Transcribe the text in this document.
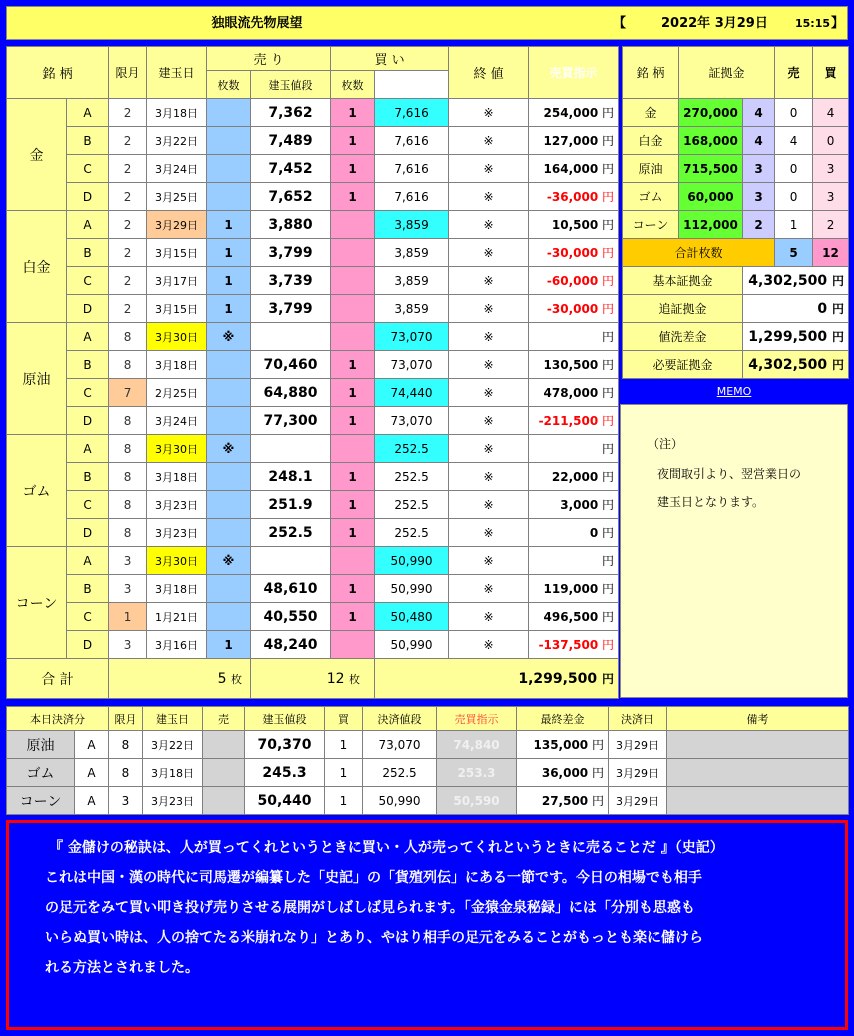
独眼流先物展望	【	2022年 3月29日 15:15 】
銘 柄		限月	建玉日	売 り		買 い		終 値	売買指示	
				枚数	建玉値段	枚数			
金	A	2	3月18日		7,362	1	7,616	※	254,000 円	
	B	2	3月22日		7,489	1	7,616	※	127,000 円	
	C	2	3月24日		7,452	1	7,616	※	164,000 円	
	D	2	3月25日		7,652	1	7,616	※	-36,000 円	
白金	A	2	3月29日	1	3,880		3,859	※	10,500 円	
	B	2	3月15日	1	3,799		3,859	※	-30,000 円	
	C	2	3月17日	1	3,739		3,859	※	-60,000 円	
	D	2	3月15日	1	3,799		3,859	※	-30,000 円	
原油	A	8	3月30日	※			73,070	※	円	
	B	8	3月18日		70,460	1	73,070	※	130,500 円	
	C	7	2月25日		64,880	1	74,440	※	478,000 円	
	D	8	3月24日		77,300	1	73,070	※	-211,500 円	
ゴム	A	8	3月30日	※			252.5	※	円	
	B	8	3月18日		248.1	1	252.5	※	22,000 円	
	C	8	3月23日		251.9	1	252.5	※	3,000 円	
	D	8	3月23日		252.5	1	252.5	※	0 円	
コーン	A	3	3月30日	※			50,990	※	円	
	B	3	3月18日		48,610	1	50,990	※	119,000 円	
	C	1	1月21日		40,550	1	50,480	※	496,500 円	
	D	3	3月16日	1	48,240		50,990	※	-137,500 円	
合 計		5 枚			12 枚		1,299,500 円			
銘 柄	証拠金		売	買
金	270,000	4	0	4
白金	168,000	4	4	0
原油	715,500	3	0	3
ゴム	60,000	3	0	3
コーン	112,000	2	1	2
合計枚数			5	12
基本証拠金		4,302,500 円		
追証拠金		0 円		
値洗差金		1,299,500 円		
必要証拠金		4,302,500 円		
MEMO
（注）
夜間取引より、翌営業日の
建玉日となります。
本日決済分		限月	建玉日	売	建玉値段	買	決済値段	売買指示	最終差金	決済日	備考
原油	A	8	3月22日		70,370	1	73,070	74,840	135,000 円	3月29日	
ゴム	A	8	3月18日		245.3	1	252.5	253.3	36,000 円	3月29日	
コーン	A	3	3月23日		50,440	1	50,990	50,590	27,500 円	3月29日	

『 金儲けの秘訣は、人が買ってくれというときに買い・人が売ってくれというときに売ることだ 』（史記）

これは中国・漢の時代に司馬遷が編纂した「史記」の「貨殖列伝」にある一節です。今日の相場でも相手

の足元をみて買い叩き投げ売りさせる展開がしばしば見られます。「金猿金泉秘録」には「分別も思惑も

いらぬ買い時は、人の捨てたる米崩れなり」とあり、やはり相手の足元をみることがもっとも楽に儲けら

れる方法とされました。
